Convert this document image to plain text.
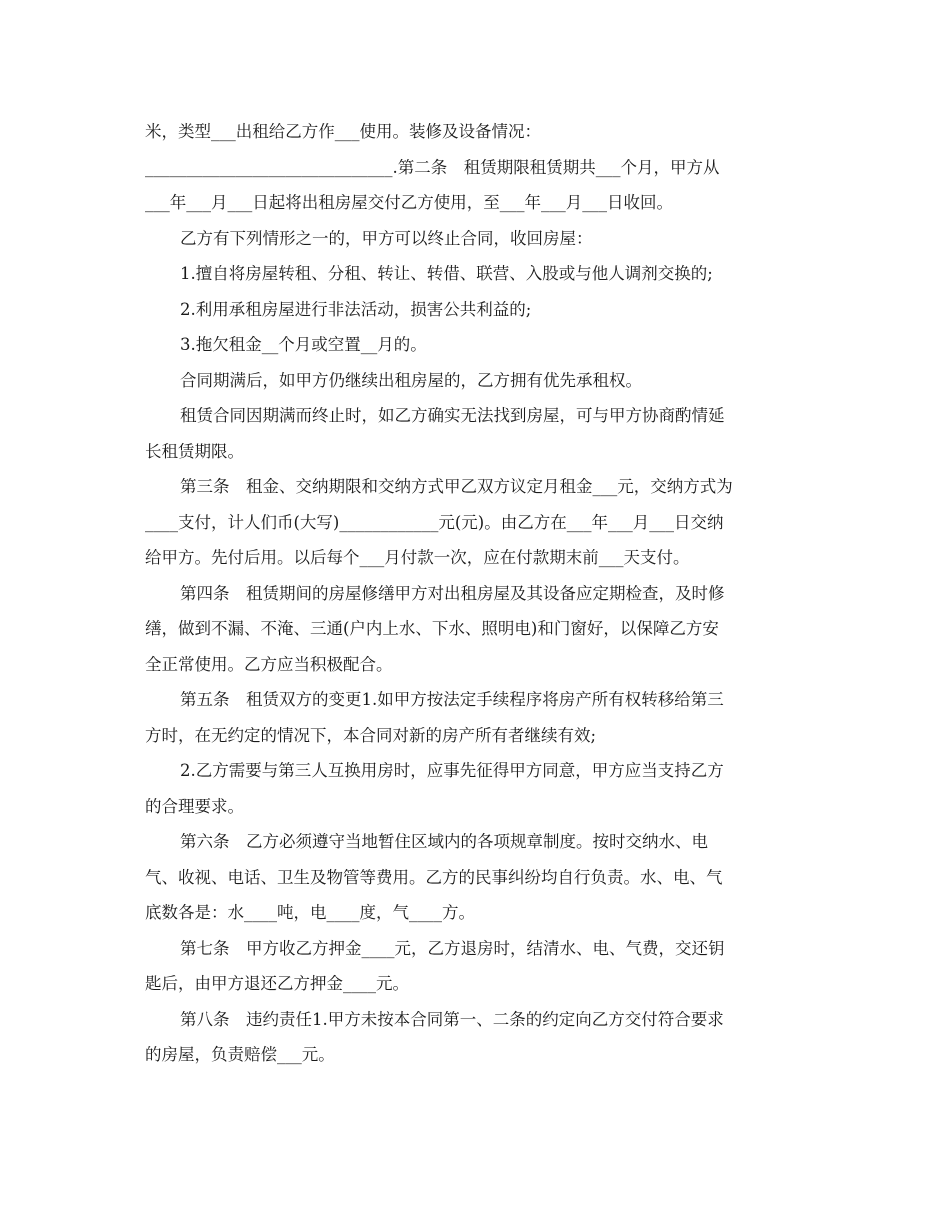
米，类型___出租给乙方作___使用。装修及设备情况：
______________________________.第二条　租赁期限租赁期共___个月，甲方从
___年___月___日起将出租房屋交付乙方使用，至___年___月___日收回。
乙方有下列情形之一的，甲方可以终止合同，收回房屋：
1.擅自将房屋转租、分租、转让、转借、联营、入股或与他人调剂交换的;
2.利用承租房屋进行非法活动，损害公共利益的;
3.拖欠租金__个月或空置__月的。
合同期满后，如甲方仍继续出租房屋的，乙方拥有优先承租权。
租赁合同因期满而终止时，如乙方确实无法找到房屋，可与甲方协商酌情延
长租赁期限。
第三条　租金、交纳期限和交纳方式甲乙双方议定月租金___元，交纳方式为
____支付，计人们币(大写)____________元(元)。由乙方在___年___月___日交纳
给甲方。先付后用。以后每个___月付款一次，应在付款期末前___天支付。
第四条　租赁期间的房屋修缮甲方对出租房屋及其设备应定期检查，及时修
缮，做到不漏、不淹、三通(户内上水、下水、照明电)和门窗好，以保障乙方安
全正常使用。乙方应当积极配合。
第五条　租赁双方的变更1.如甲方按法定手续程序将房产所有权转移给第三
方时，在无约定的情况下，本合同对新的房产所有者继续有效;
2.乙方需要与第三人互换用房时，应事先征得甲方同意，甲方应当支持乙方
的合理要求。
第六条　乙方必须遵守当地暂住区域内的各项规章制度。按时交纳水、电
气、收视、电话、卫生及物管等费用。乙方的民事纠纷均自行负责。水、电、气
底数各是：水____吨，电____度，气____方。
第七条　甲方收乙方押金____元，乙方退房时，结清水、电、气费，交还钥
匙后，由甲方退还乙方押金____元。
第八条　违约责任1.甲方未按本合同第一、二条的约定向乙方交付符合要求
的房屋，负责赔偿___元。
